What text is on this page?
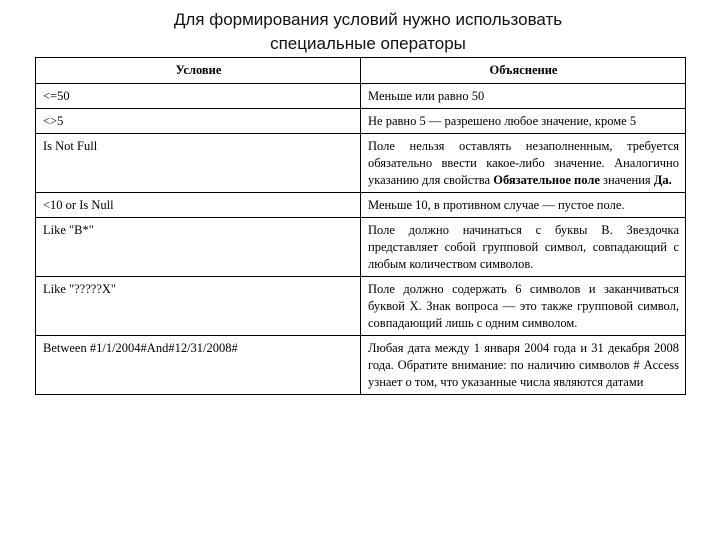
Для формирования условий нужно использовать
специальные операторы
Условие	Объяснение
<=50	Меньше или равно 50
<>5	Не равно 5 — разрешено любое значение, кроме 5
Is Not Full	Поле нельзя оставлять незаполненным, требуется обязательно ввести какое-либо значение. Аналогично указанию для свойства Обязательное поле значения Да.
<10 or Is Null	Меньше 10, в противном случае — пустое поле.
Like "B*"	Поле должно начинаться с буквы В. Звездочка представляет собой групповой символ, совпадающий с любым количеством символов.
Like "?????X"	Поле должно содержать 6 символов и заканчиваться буквой X. Знак вопроса — это также групповой символ, совпадающий лишь с одним символом.
Between #1/1/2004#And#12/31/2008#	Любая дата между 1 января 2004 года и 31 декабря 2008 года. Обратите внимание: по наличию символов # Access узнает о том, что указанные числа являются датами
